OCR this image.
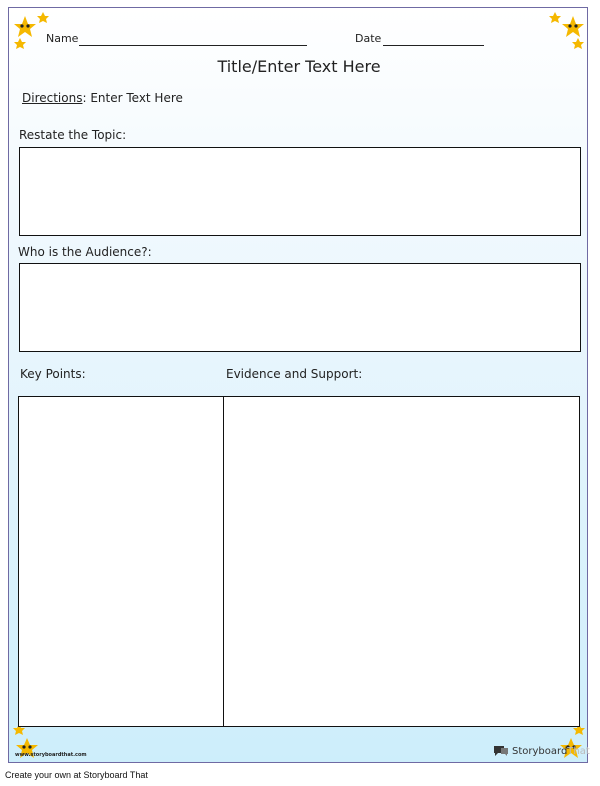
Name	Date
Title/Enter Text Here
Directions: Enter Text Here
Restate the Topic:
Who is the Audience?:
Key Points:	Evidence and Support:
www.storyboardthat.com	StoryboardThat
Create your own at Storyboard That
